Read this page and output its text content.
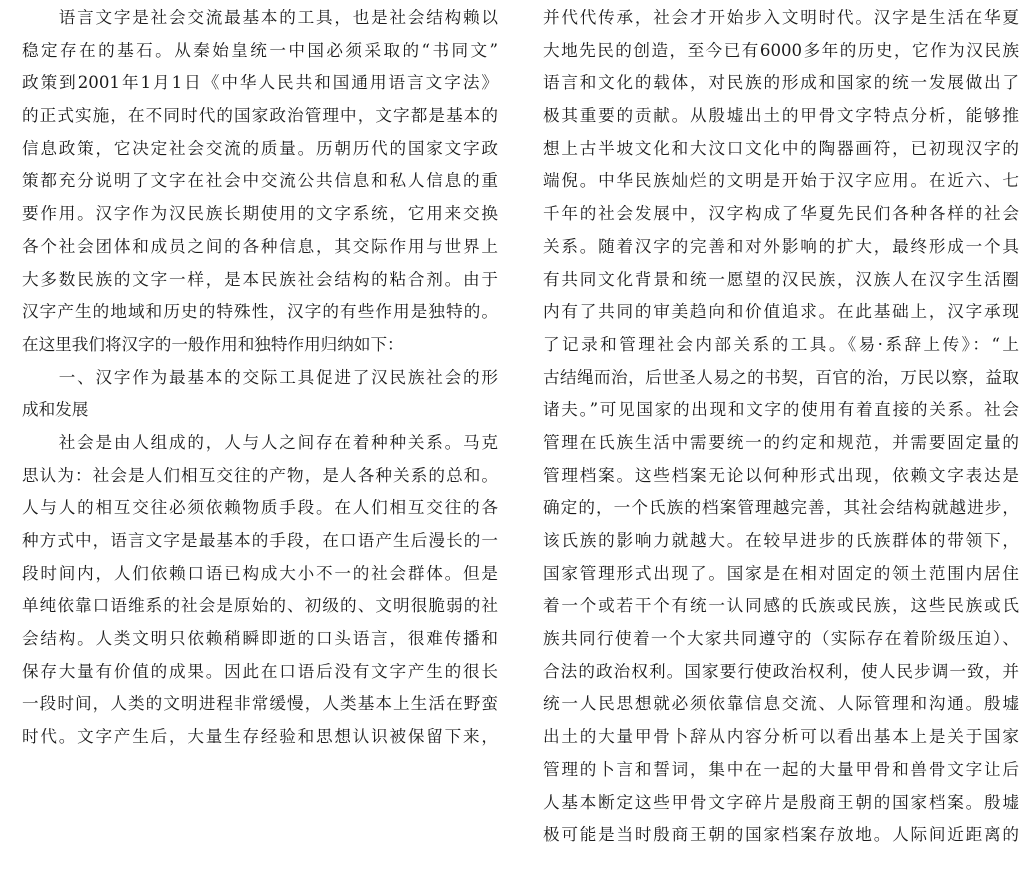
　　语言文字是社会交流最基本的工具，也是社会结构赖以
稳定存在的基石。从秦始皇统一中国必须采取的“书同文”
政策到2001年1月1日《中华人民共和国通用语言文字法》
的正式实施，在不同时代的国家政治管理中，文字都是基本的
信息政策，它决定社会交流的质量。历朝历代的国家文字政
策都充分说明了文字在社会中交流公共信息和私人信息的重
要作用。汉字作为汉民族长期使用的文字系统，它用来交换
各个社会团体和成员之间的各种信息，其交际作用与世界上
大多数民族的文字一样，是本民族社会结构的粘合剂。由于
汉字产生的地域和历史的特殊性，汉字的有些作用是独特的。
在这里我们将汉字的一般作用和独特作用归纳如下：
　　一、汉字作为最基本的交际工具促进了汉民族社会的形
成和发展
　　社会是由人组成的，人与人之间存在着种种关系。马克
思认为：社会是人们相互交往的产物，是人各种关系的总和。
人与人的相互交往必须依赖物质手段。在人们相互交往的各
种方式中，语言文字是最基本的手段，在口语产生后漫长的一
段时间内，人们依赖口语已构成大小不一的社会群体。但是
单纯依靠口语维系的社会是原始的、初级的、文明很脆弱的社
会结构。人类文明只依赖稍瞬即逝的口头语言，很难传播和
保存大量有价值的成果。因此在口语后没有文字产生的很长
一段时间，人类的文明进程非常缓慢，人类基本上生活在野蛮
时代。文字产生后，大量生存经验和思想认识被保留下来，
并代代传承，社会才开始步入文明时代。汉字是生活在华夏
大地先民的创造，至今已有6000多年的历史，它作为汉民族
语言和文化的载体，对民族的形成和国家的统一发展做出了
极其重要的贡献。从殷墟出土的甲骨文字特点分析，能够推
想上古半坡文化和大汶口文化中的陶器画符，已初现汉字的
端倪。中华民族灿烂的文明是开始于汉字应用。在近六、七
千年的社会发展中，汉字构成了华夏先民们各种各样的社会
关系。随着汉字的完善和对外影响的扩大，最终形成一个具
有共同文化背景和统一愿望的汉民族，汉族人在汉字生活圈
内有了共同的审美趋向和价值追求。在此基础上，汉字承现
了记录和管理社会内部关系的工具。《易·系辞上传》：“上
古结绳而治，后世圣人易之的书契，百官的治，万民以察，益取
诸夫。”可见国家的出现和文字的使用有着直接的关系。社会
管理在氏族生活中需要统一的约定和规范，并需要固定量的
管理档案。这些档案无论以何种形式出现，依赖文字表达是
确定的，一个氏族的档案管理越完善，其社会结构就越进步，
该氏族的影响力就越大。在较早进步的氏族群体的带领下，
国家管理形式出现了。国家是在相对固定的领土范围内居住
着一个或若干个有统一认同感的氏族或民族，这些民族或氏
族共同行使着一个大家共同遵守的（实际存在着阶级压迫）、
合法的政治权利。国家要行使政治权利，使人民步调一致，并
统一人民思想就必须依靠信息交流、人际管理和沟通。殷墟
出土的大量甲骨卜辞从内容分析可以看出基本上是关于国家
管理的卜言和誓词，集中在一起的大量甲骨和兽骨文字让后
人基本断定这些甲骨文字碎片是殷商王朝的国家档案。殷墟
极可能是当时殷商王朝的国家档案存放地。人际间近距离的
